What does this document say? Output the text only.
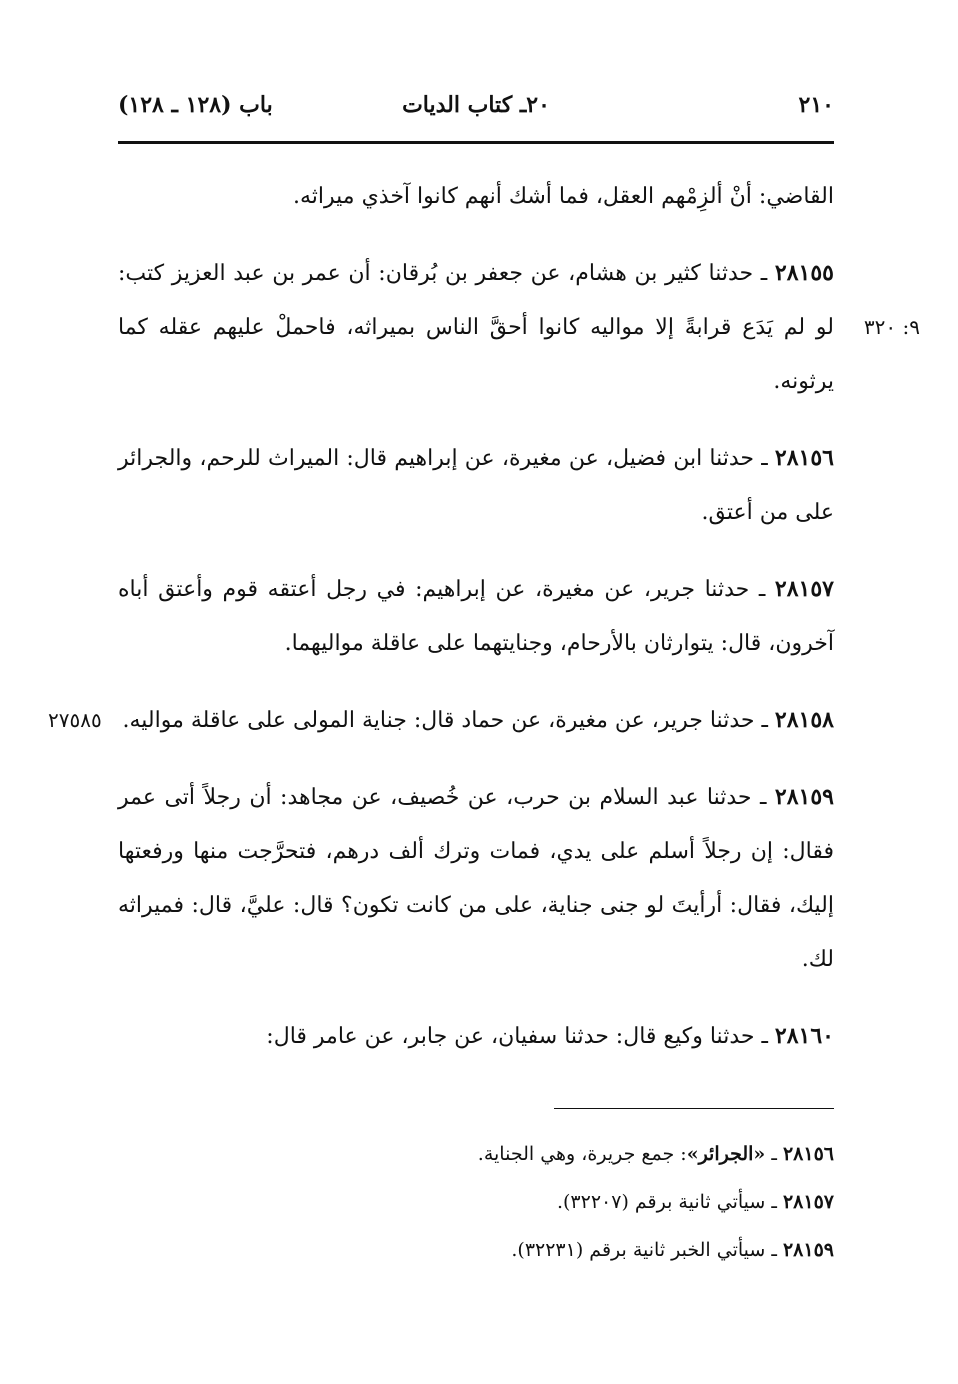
٢١٠
٢٠ـ كتاب الديات
باب (١٢٨ ـ ١٢٨)

القاضي: أنْ ألزِمْهم العقل، فما أشك أنهم كانوا آخذي ميراثه.

٢٨١٥٥ ـ حدثنا كثير بن هشام، عن جعفر بن بُرقان: أن عمر بن عبد العزيز كتب: لو لم يَدَع قرابةً إلا مواليه كانوا أحقَّ الناس بميراثه، فاحملْ عليهم عقله كما يرثونه.
٩: ٣٢٠

٢٨١٥٦ ـ حدثنا ابن فضيل، عن مغيرة، عن إبراهيم قال: الميراث للرحم، والجرائر على من أعتق.

٢٨١٥٧ ـ حدثنا جرير، عن مغيرة، عن إبراهيم: في رجل أعتقه قوم وأعتق أباه آخرون، قال: يتوارثان بالأرحام، وجنايتهما على عاقلة مواليهما.

٢٨١٥٨ ـ حدثنا جرير، عن مغيرة، عن حماد قال: جناية المولى على عاقلة مواليه.
٢٧٥٨٥

٢٨١٥٩ ـ حدثنا عبد السلام بن حرب، عن خُصيف، عن مجاهد: أن رجلاً أتى عمر فقال: إن رجلاً أسلم على يدي، فمات وترك ألف درهم، فتحرَّجت منها ورفعتها إليك، فقال: أرأيتَ لو جنى جناية، على من كانت تكون؟ قال: عليَّ، قال: فميراثه لك.

٢٨١٦٠ ـ حدثنا وكيع قال: حدثنا سفيان، عن جابر، عن عامر قال:

٢٨١٥٦ ـ «الجرائر»: جمع جريرة، وهي الجناية.

٢٨١٥٧ ـ سيأتي ثانية برقم (٣٢٢٠٧).

٢٨١٥٩ ـ سيأتي الخبر ثانية برقم (٣٢٢٣١).
